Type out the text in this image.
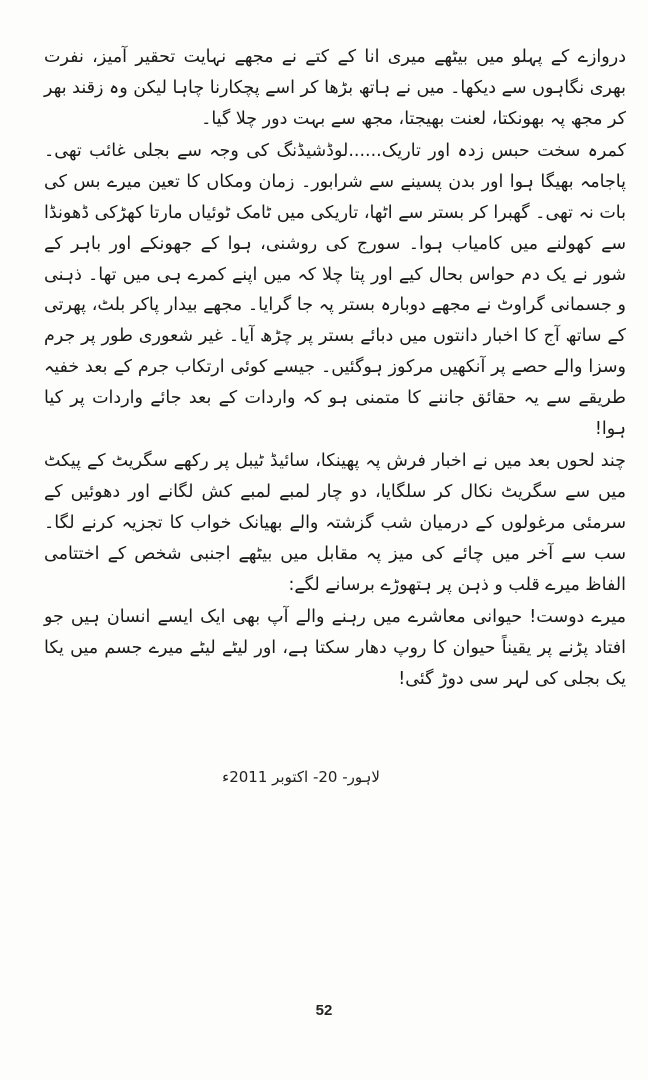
دروازے کے پہلو میں بیٹھے میری انا کے کتے نے مجھے نہایت تحقیر آمیز، نفرت بھری نگاہوں سے دیکھا۔ میں نے ہاتھ بڑھا کر اسے پچکارنا چاہا لیکن وہ زقند بھر کر مجھ پہ بھونکتا، لعنت بھیجتا، مجھ سے بہت دور چلا گیا۔

کمرہ سخت حبس زدہ اور تاریک......لوڈشیڈنگ کی وجہ سے بجلی غائب تھی۔ پاجامہ بھیگا ہوا اور بدن پسینے سے شرابور۔ زمان ومکاں کا تعین میرے بس کی بات نہ تھی۔ گھبرا کر بستر سے اٹھا، تاریکی میں ٹامک ٹوئیاں مارتا کھڑکی ڈھونڈا سے کھولنے میں کامیاب ہوا۔ سورج کی روشنی، ہوا کے جھونکے اور باہر کے شور نے یک دم حواس بحال کیے اور پتا چلا کہ میں اپنے کمرے ہی میں تھا۔ ذہنی و جسمانی گراوٹ نے مجھے دوبارہ بستر پہ جا گرایا۔ مجھے بیدار پاکر بلٹ، پھرتی کے ساتھ آج کا اخبار دانتوں میں دبائے بستر پر چڑھ آیا۔ غیر شعوری طور پر جرم وسزا والے حصے پر آنکھیں مرکوز ہوگئیں۔ جیسے کوئی ارتکاب جرم کے بعد خفیہ طریقے سے یہ حقائق جاننے کا متمنی ہو کہ واردات کے بعد جائے واردات پر کیا ہوا!

چند لحوں بعد میں نے اخبار فرش پہ پھینکا، سائیڈ ٹیبل پر رکھے سگریٹ کے پیکٹ میں سے سگریٹ نکال کر سلگایا، دو چار لمبے لمبے کش لگانے اور دھوئیں کے سرمئی مرغولوں کے درمیان شب گزشتہ والے بھیانک خواب کا تجزیہ کرنے لگا۔ سب سے آخر میں چائے کی میز پہ مقابل میں بیٹھے اجنبی شخص کے اختتامی الفاظ میرے قلب و ذہن پر ہتھوڑے برسانے لگے:

میرے دوست! حیوانی معاشرے میں رہنے والے آپ بھی ایک ایسے انسان ہیں جو افتاد پڑنے پر یقیناً حیوان کا روپ دھار سکتا ہے، اور لیٹے لیٹے میرے جسم میں یکا یک بجلی کی لہر سی دوڑ گئی!

لاہور- 20- اکتوبر 2011ء
52
